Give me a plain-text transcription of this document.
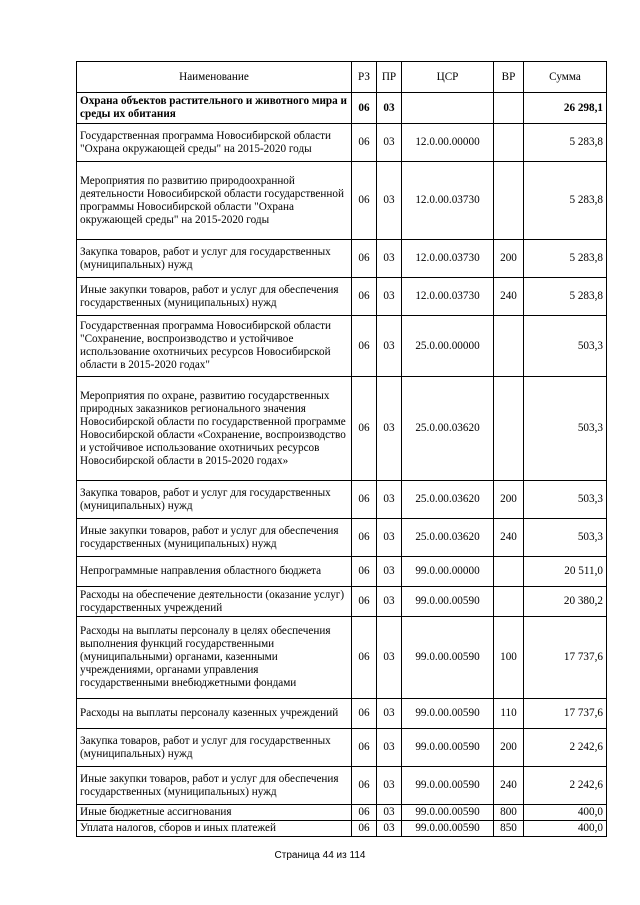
Наименование	РЗ	ПР	ЦСР	ВР	Сумма
Охрана объектов растительного и животного мира и среды их обитания	06	03			26 298,1
Государственная программа Новосибирской области "Охрана окружающей среды" на 2015-2020 годы	06	03	12.0.00.00000		5 283,8
Мероприятия по развитию природоохранной деятельности Новосибирской области государственной программы Новосибирской области "Охрана окружающей среды" на 2015-2020 годы	06	03	12.0.00.03730		5 283,8
Закупка товаров, работ и услуг для государственных (муниципальных) нужд	06	03	12.0.00.03730	200	5 283,8
Иные закупки товаров, работ и услуг для обеспечения государственных (муниципальных) нужд	06	03	12.0.00.03730	240	5 283,8
Государственная программа Новосибирской области "Сохранение, воспроизводство и устойчивое использование охотничьих ресурсов Новосибирской области в 2015-2020 годах"	06	03	25.0.00.00000		503,3
Мероприятия по охране, развитию государственных природных заказников регионального значения Новосибирской области по государственной программе Новосибирской области «Сохранение, воспроизводство и устойчивое использование охотничьих ресурсов Новосибирской области в 2015-2020 годах»	06	03	25.0.00.03620		503,3
Закупка товаров, работ и услуг для государственных (муниципальных) нужд	06	03	25.0.00.03620	200	503,3
Иные закупки товаров, работ и услуг для обеспечения государственных (муниципальных) нужд	06	03	25.0.00.03620	240	503,3
Непрограммные направления областного бюджета	06	03	99.0.00.00000		20 511,0
Расходы на обеспечение деятельности (оказание услуг) государственных учреждений	06	03	99.0.00.00590		20 380,2
Расходы на выплаты персоналу в целях обеспечения выполнения функций государственными (муниципальными) органами, казенными учреждениями, органами управления государственными внебюджетными фондами	06	03	99.0.00.00590	100	17 737,6
Расходы на выплаты персоналу казенных учреждений	06	03	99.0.00.00590	110	17 737,6
Закупка товаров, работ и услуг для государственных (муниципальных) нужд	06	03	99.0.00.00590	200	2 242,6
Иные закупки товаров, работ и услуг для обеспечения государственных (муниципальных) нужд	06	03	99.0.00.00590	240	2 242,6
Иные бюджетные ассигнования	06	03	99.0.00.00590	800	400,0
Уплата налогов, сборов и иных платежей	06	03	99.0.00.00590	850	400,0
Страница 44 из 114
